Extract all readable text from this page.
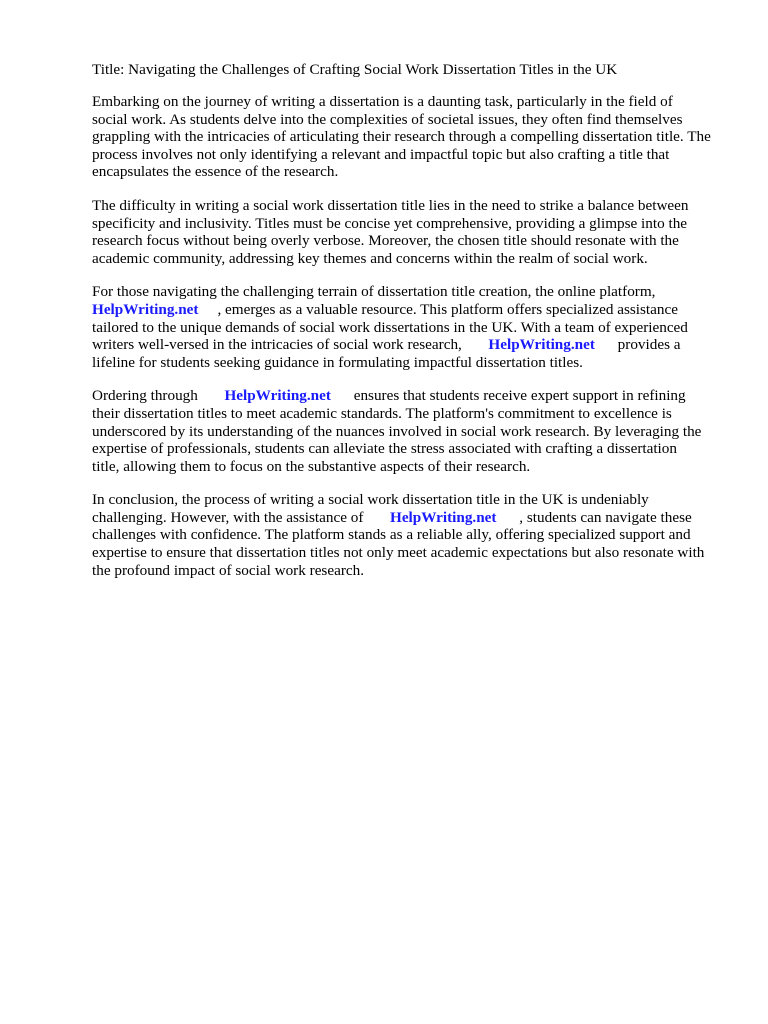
Title: Navigating the Challenges of Crafting Social Work Dissertation Titles in the UK
Embarking on the journey of writing a dissertation is a daunting task, particularly in the field of
social work. As students delve into the complexities of societal issues, they often find themselves
grappling with the intricacies of articulating their research through a compelling dissertation title. The
process involves not only identifying a relevant and impactful topic but also crafting a title that
encapsulates the essence of the research.
The difficulty in writing a social work dissertation title lies in the need to strike a balance between
specificity and inclusivity. Titles must be concise yet comprehensive, providing a glimpse into the
research focus without being overly verbose. Moreover, the chosen title should resonate with the
academic community, addressing key themes and concerns within the realm of social work.
For those navigating the challenging terrain of dissertation title creation, the online platform,
HelpWriting.net     , emerges as a valuable resource. This platform offers specialized assistance
tailored to the unique demands of social work dissertations in the UK. With a team of experienced
writers well-versed in the intricacies of social work research,       HelpWriting.net      provides a
lifeline for students seeking guidance in formulating impactful dissertation titles.
Ordering through       HelpWriting.net      ensures that students receive expert support in refining
their dissertation titles to meet academic standards. The platform's commitment to excellence is
underscored by its understanding of the nuances involved in social work research. By leveraging the
expertise of professionals, students can alleviate the stress associated with crafting a dissertation
title, allowing them to focus on the substantive aspects of their research.
In conclusion, the process of writing a social work dissertation title in the UK is undeniably
challenging. However, with the assistance of       HelpWriting.net      , students can navigate these
challenges with confidence. The platform stands as a reliable ally, offering specialized support and
expertise to ensure that dissertation titles not only meet academic expectations but also resonate with
the profound impact of social work research.
